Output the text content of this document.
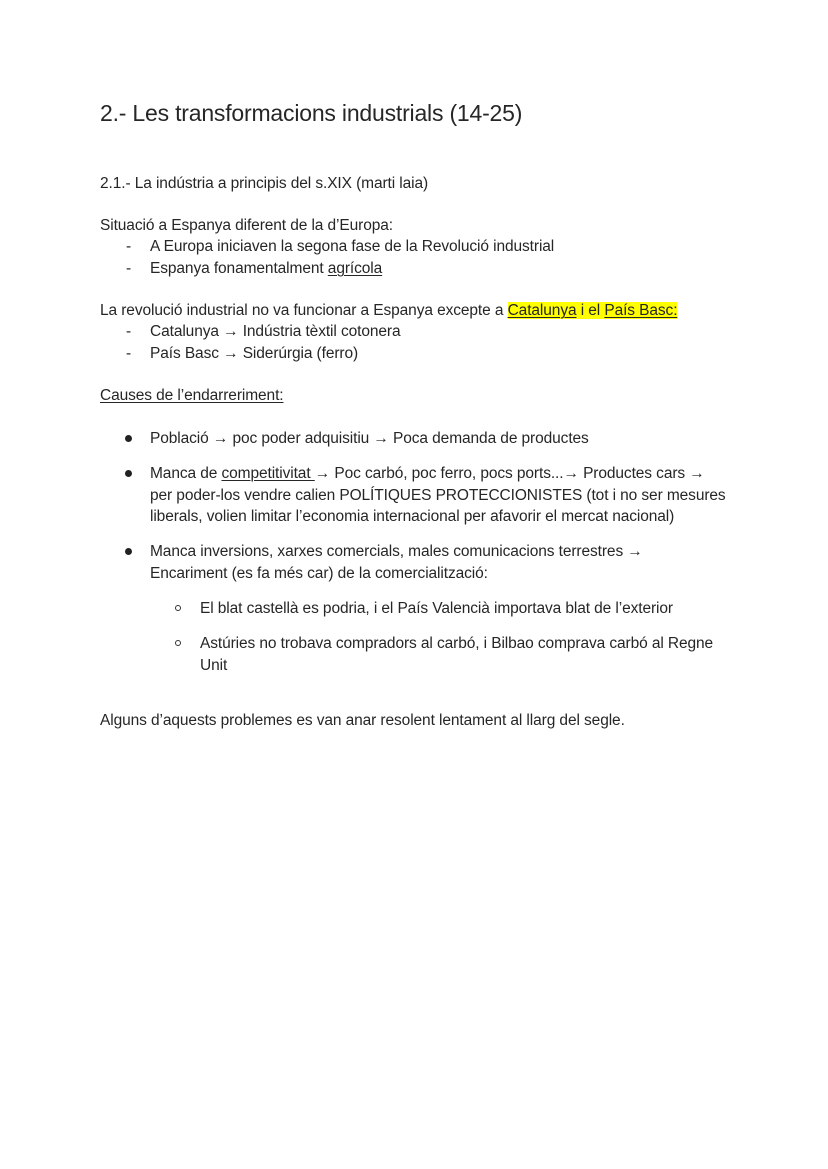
2.- Les transformacions industrials (14-25)
2.1.- La indústria a principis del s.XIX (marti laia)
Situació a Espanya diferent de la d’Europa:
- A Europa iniciaven la segona fase de la Revolució industrial
- Espanya fonamentalment agrícola
La revolució industrial no va funcionar a Espanya excepte a Catalunya i el País Basc:
- Catalunya → Indústria tèxtil cotonera
- País Basc → Siderúrgia (ferro)
Causes de l’endarreriment:
Població → poc poder adquisitiu → Poca demanda de productes
Manca de competitivitat → Poc carbó, poc ferro, pocs ports...→ Productes cars →
per poder-los vendre calien POLÍTIQUES PROTECCIONISTES (tot i no ser mesures
liberals, volien limitar l’economia internacional per afavorir el mercat nacional)
Manca inversions, xarxes comercials, males comunicacions terrestres →
Encariment (es fa més car) de la comercialització:
El blat castellà es podria, i el País Valencià importava blat de l’exterior
Astúries no trobava compradors al carbó, i Bilbao comprava carbó al Regne
Unit
Alguns d’aquests problemes es van anar resolent lentament al llarg del segle.
